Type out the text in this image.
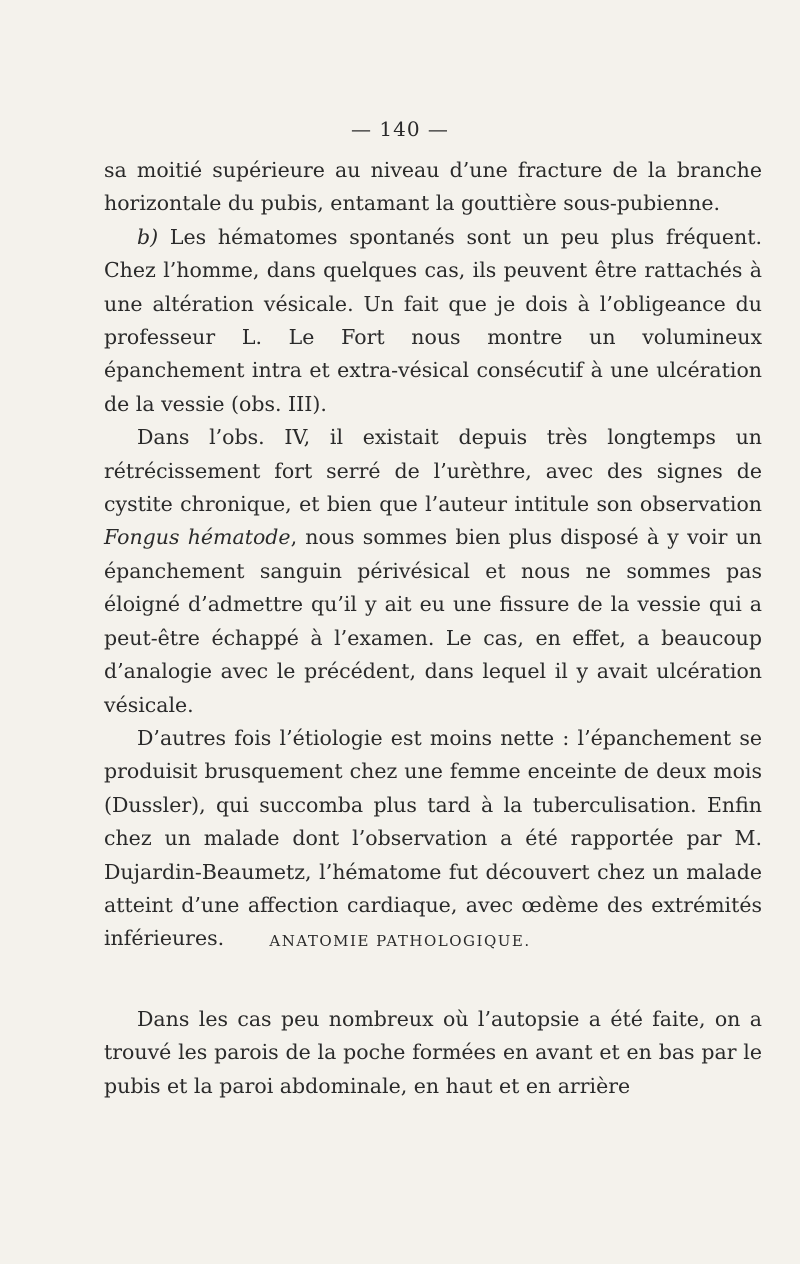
— 140 —

sa moitié supérieure au niveau d’une fracture de la branche horizontale du pubis, entamant la gouttière sous-pubienne.

b) Les hématomes spontanés sont un peu plus fréquent. Chez l’homme, dans quelques cas, ils peuvent être rattachés à une altération vésicale. Un fait que je dois à l’obligeance du professeur L. Le Fort nous montre un volumineux épanchement intra et extra-vésical consécutif à une ulcération de la vessie (obs. III).

Dans l’obs. IV, il existait depuis très longtemps un rétrécissement fort serré de l’urèthre, avec des signes de cystite chronique, et bien que l’auteur intitule son observation Fongus hématode, nous sommes bien plus disposé à y voir un épanchement sanguin périvésical et nous ne sommes pas éloigné d’admettre qu’il y ait eu une fissure de la vessie qui a peut-être échappé à l’examen. Le cas, en effet, a beaucoup d’analogie avec le précédent, dans lequel il y avait ulcération vésicale.

D’autres fois l’étiologie est moins nette : l’épanchement se produisit brusquement chez une femme enceinte de deux mois (Dussler), qui succomba plus tard à la tuberculisation. Enfin chez un malade dont l’observation a été rapportée par M. Dujardin-Beaumetz, l’hématome fut découvert chez un malade atteint d’une affection cardiaque, avec œdème des extrémités inférieures.	ANATOMIE PATHOLOGIQUE.

Dans les cas peu nombreux où l’autopsie a été faite, on a trouvé les parois de la poche formées en avant et en bas par le pubis et la paroi abdominale, en haut et en arrière
